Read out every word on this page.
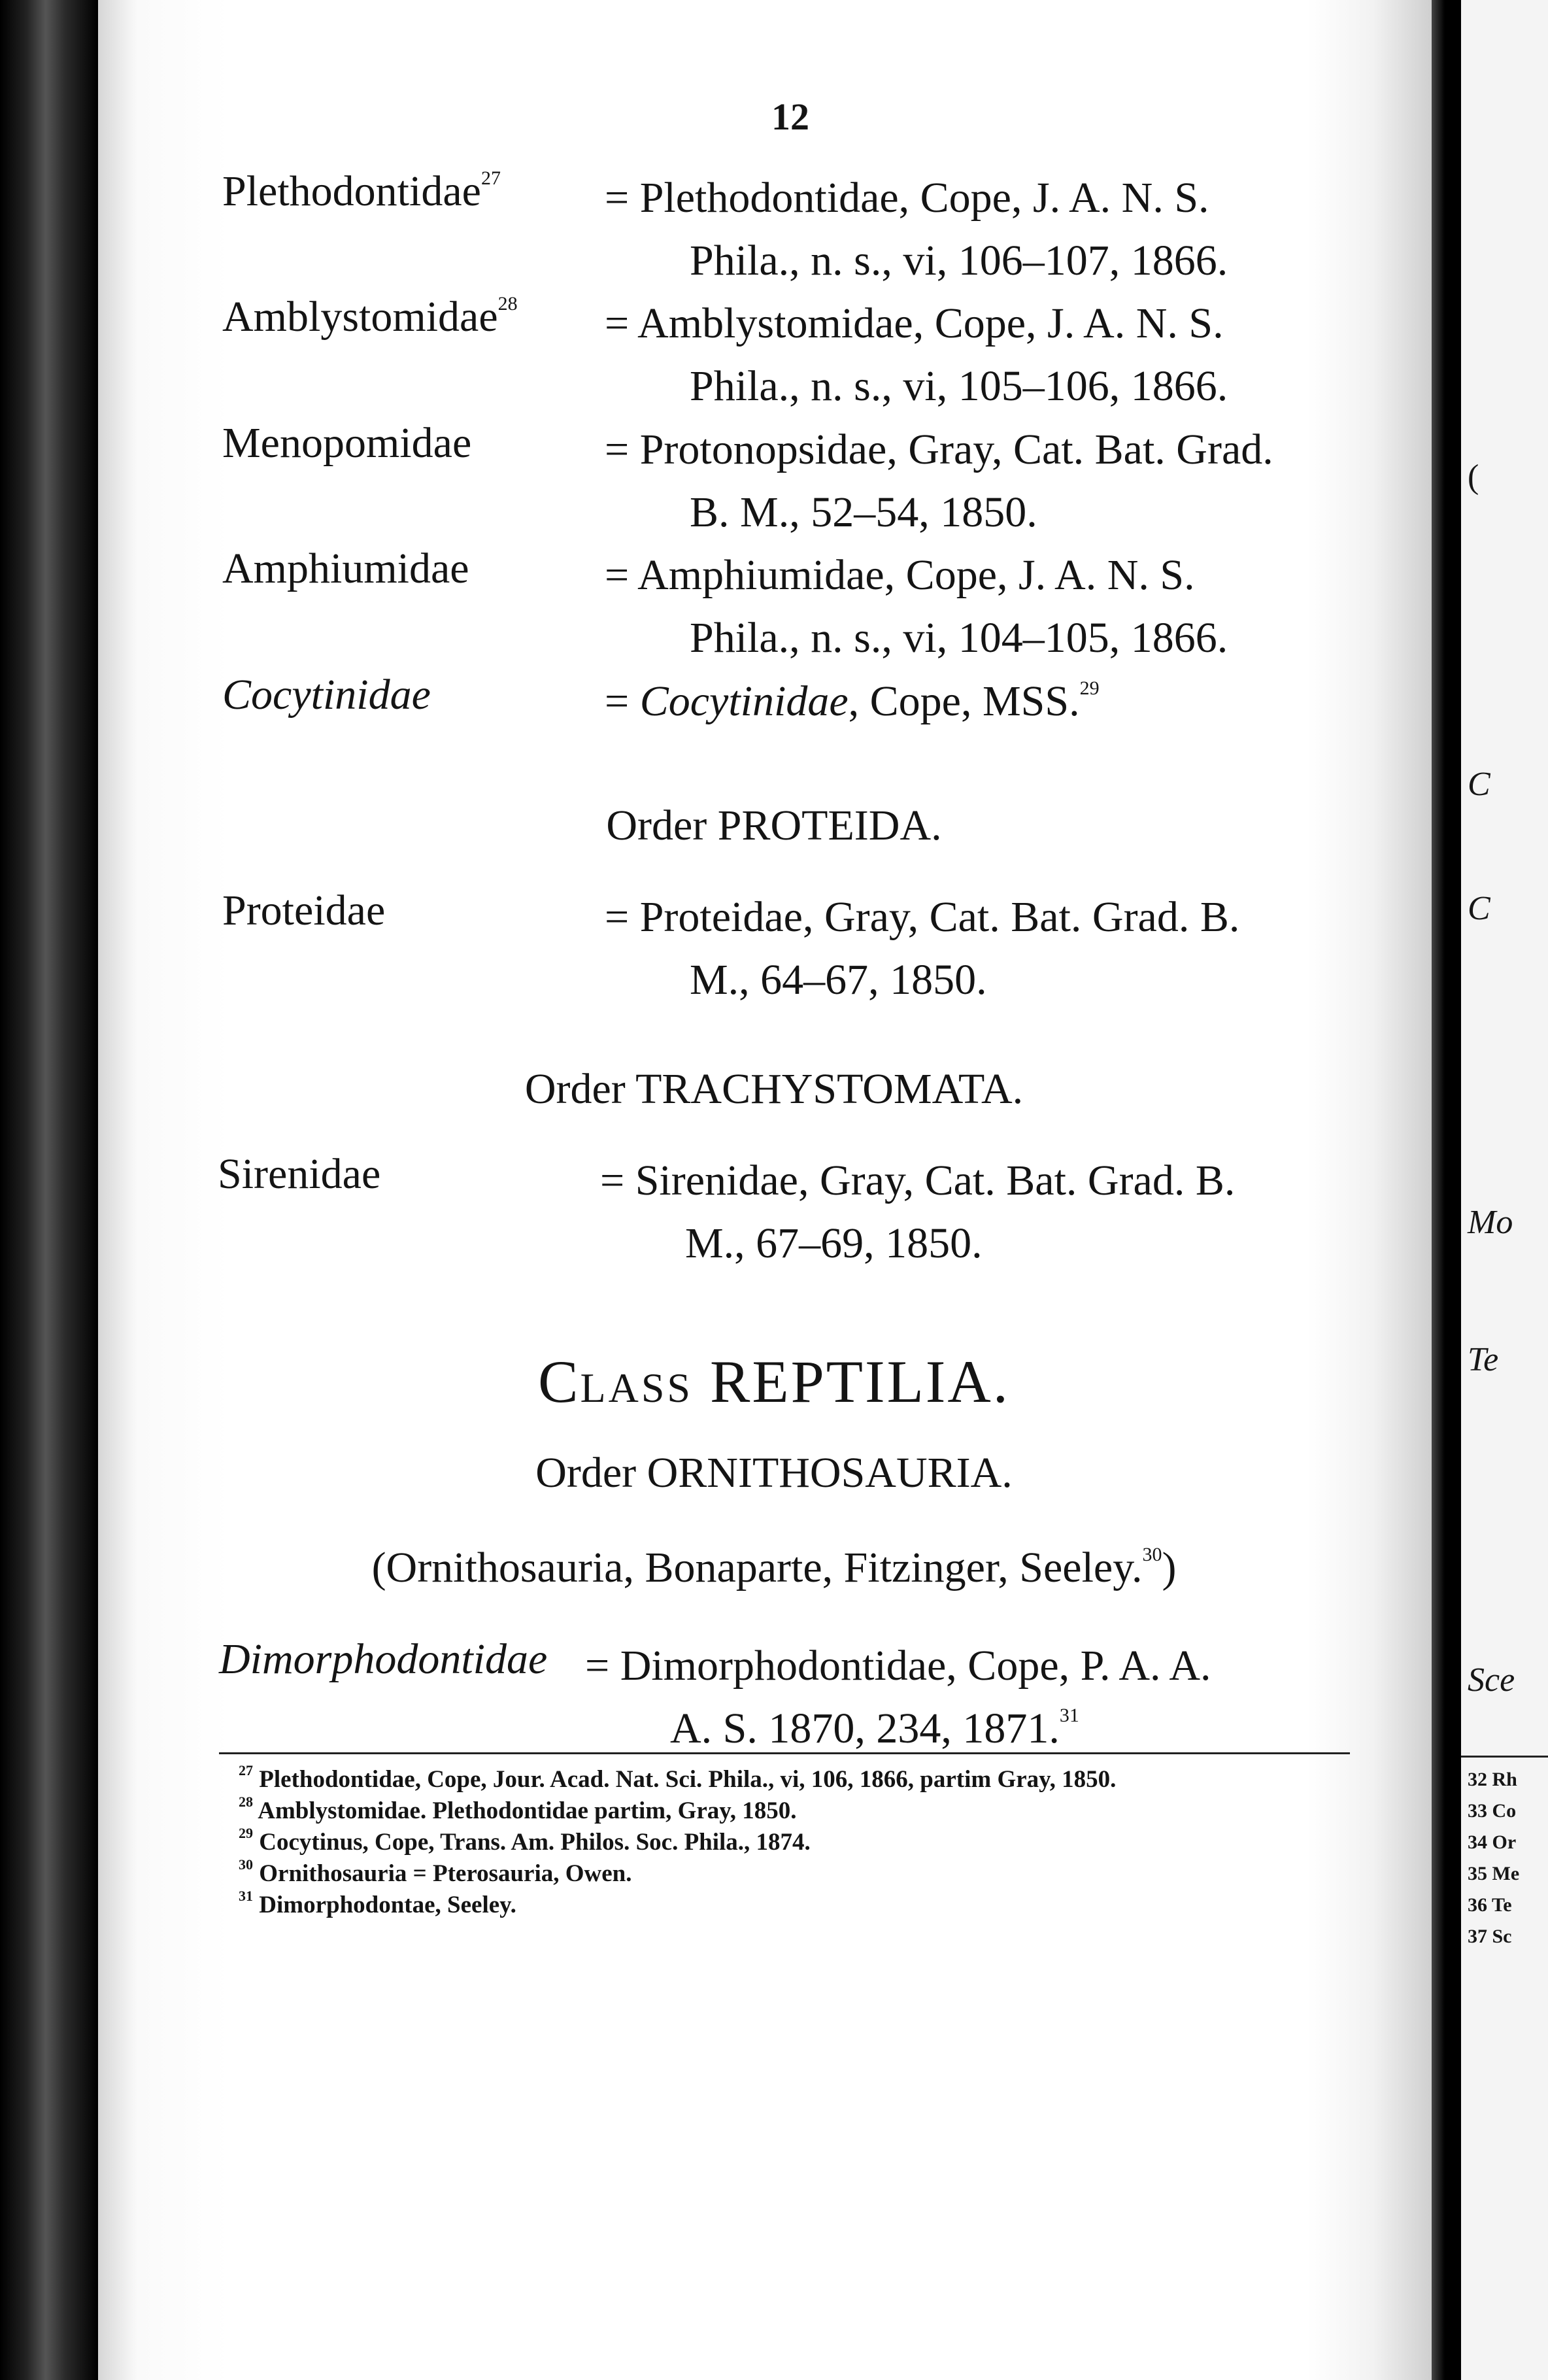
12
Plethodontidae$^{27}$ = Plethodontidae, Cope, J. A. N. S.
Phila., n. s., vi, 106–107, 1866.
Amblystomidae$^{28}$ = Amblystomidae, Cope, J. A. N. S.
Phila., n. s., vi, 105–106, 1866.
Menopomidae	= Protonopsidae, Gray, Cat. Bat. Grad.
B. M., 52–54, 1850.
Amphiumidae	= Amphiumidae, Cope, J. A. N. S.
Phila., n. s., vi, 104–105, 1866.
Cocytinidae	= Cocytinidae, Cope, MSS.$^{29}$
Order PROTEIDA.
Proteidae	= Proteidae, Gray, Cat. Bat. Grad. B.
M., 64–67, 1850.
Order TRACHYSTOMATA.
Sirenidae	= Sirenidae, Gray, Cat. Bat. Grad. B.
M., 67–69, 1850.
CLASS REPTILIA.
Order ORNITHOSAURIA.
(Ornithosauria, Bonaparte, Fitzinger, Seeley.$^{30}$)
Dimorphodontidae = Dimorphodontidae, Cope, P. A. A.
A. S. 1870, 234, 1871.31
$^{27}$ Plethodontidae, Cope, Jour. Acad. Nat. Sci. Phila., vi, 106, 1866, partim Gray, 1850.
$^{28}$ Amblystomidae. Plethodontidae partim, Gray, 1850.
$^{29}$ Cocytinus, Cope, Trans. Am. Philos. Soc. Phila., 1874.
$^{30}$ Ornithosauria = Pterosauria, Owen.
$^{31}$ Dimorphodontae, Seeley.
(
C
C
Mo
Te
Sce
32 Rh
33 Co
34 Or
35 Me
36 Te
37 Sc
